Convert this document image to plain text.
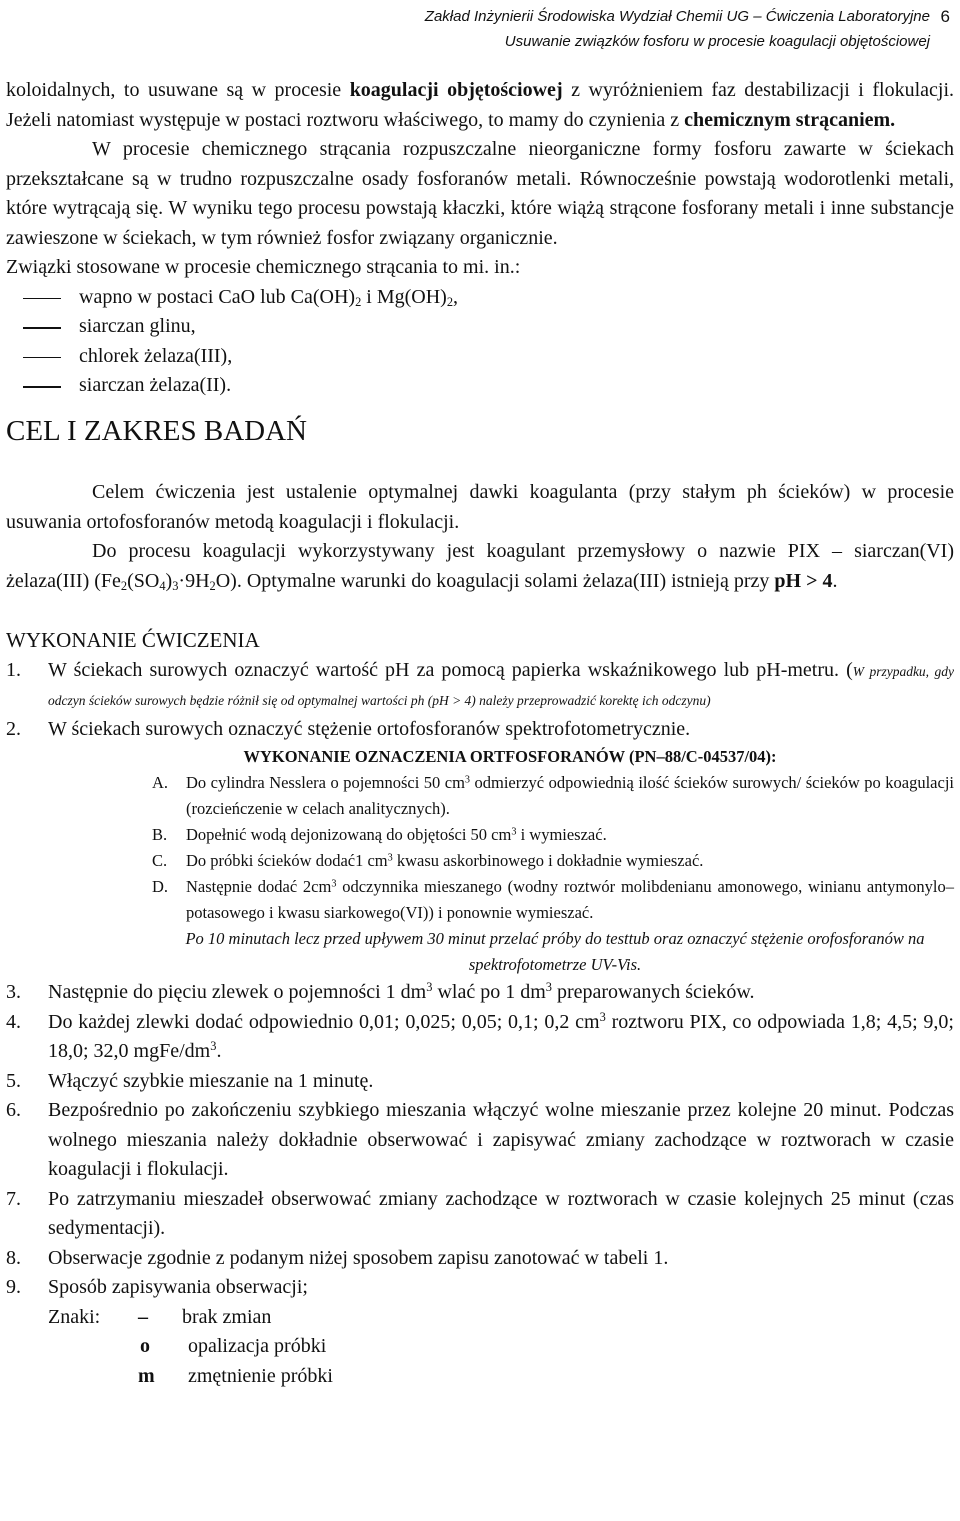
Zakład Inżynierii Środowiska Wydział Chemii UG – Ćwiczenia Laboratoryjne
Usuwanie związków fosforu w procesie koagulacji objętościowej
6

koloidalnych, to usuwane są w procesie koagulacji objętościowej z wyróżnieniem faz destabilizacji i flokulacji. Jeżeli natomiast występuje w postaci roztworu właściwego, to mamy do czynienia z chemicznym strącaniem.

W procesie chemicznego strącania rozpuszczalne nieorganiczne formy fosforu zawarte w ściekach przekształcane są w trudno rozpuszczalne osady fosforanów metali. Równocześnie powstają wodorotlenki metali, które wytrącają się. W wyniku tego procesu powstają kłaczki, które wiążą strącone fosforany metali i inne substancje zawieszone w ściekach, w tym również fosfor związany organicznie.

Związki stosowane w procesie chemicznego strącania to mi. in.:

wapno w postaci CaO lub $Ca(OH)_2$ i $Mg(OH)_2$,
siarczan glinu,
chlorek żelaza(III),
siarczan żelaza(II).
CEL I ZAKRES BADAŃ

Celem ćwiczenia jest ustalenie optymalnej dawki koagulanta (przy stałym ph ścieków) w procesie usuwania ortofosforanów metodą koagulacji i flokulacji.

Do procesu koagulacji wykorzystywany jest koagulant przemysłowy o nazwie PIX – siarczan(VI) żelaza(III) $(Fe_2(SO_4)_3\cdot 9H_2O)$. Optymalne warunki do koagulacji solami żelaza(III) istnieją przy pH > 4.

WYKONANIE ĆWICZENIA

1. W ściekach surowych oznaczyć wartość pH za pomocą papierka wskaźnikowego lub pH-metru. (W przypadku, gdy odczyn ścieków surowych będzie różnił się od optymalnej wartości ph (pH > 4) należy przeprowadzić korektę ich odczynu)

2. W ściekach surowych oznaczyć stężenie ortofosforanów spektrofotometrycznie.

WYKONANIE OZNACZENIA ORTFOSFORANÓW (PN–88/C-04537/04):

A. Do cylindra Nesslera o pojemności 50 $cm^3$ odmierzyć odpowiednią ilość ścieków surowych/ ścieków po koagulacji (rozcieńczenie w celach analitycznych).

B. Dopełnić wodą dejonizowaną do objętości 50 $cm^3$ i wymieszać.

C. Do próbki ścieków dodać1 $cm^3$ kwasu askorbinowego i dokładnie wymieszać.

D. Następnie dodać $2cm^3$ odczynnika mieszanego (wodny roztwór molibdenianu amonowego, winianu antymonylo–potasowego i kwasu siarkowego(VI)) i ponownie wymieszać.

Po 10 minutach lecz przed upływem 30 minut przelać próby do testtub oraz oznaczyć stężenie orofosforanów na spektrofotometrze UV-Vis.

3. Następnie do pięciu zlewek o pojemności 1 $dm^3$ wlać po 1 $dm^3$ preparowanych ścieków.

4. Do każdej zlewki dodać odpowiednio 0,01; 0,025; 0,05; 0,1; 0,2 $cm^3$ roztworu PIX, co odpowiada 1,8; 4,5; 9,0; 18,0; 32,0 mgFe/$dm^3$.

5. Włączyć szybkie mieszanie na 1 minutę.

6. Bezpośrednio po zakończeniu szybkiego mieszania włączyć wolne mieszanie przez kolejne 20 minut. Podczas wolnego mieszania należy dokładnie obserwować i zapisywać zmiany zachodzące w roztworach w czasie koagulacji i flokulacji.

7. Po zatrzymaniu mieszadeł obserwować zmiany zachodzące w roztworach w czasie kolejnych 25 minut (czas sedymentacji).

8. Obserwacje zgodnie z podanym niżej sposobem zapisu zanotować w tabeli 1.

9. Sposób zapisywania obserwacji;

Znaki: – brak zmian
o opalizacja próbki
m zmętnienie próbki
